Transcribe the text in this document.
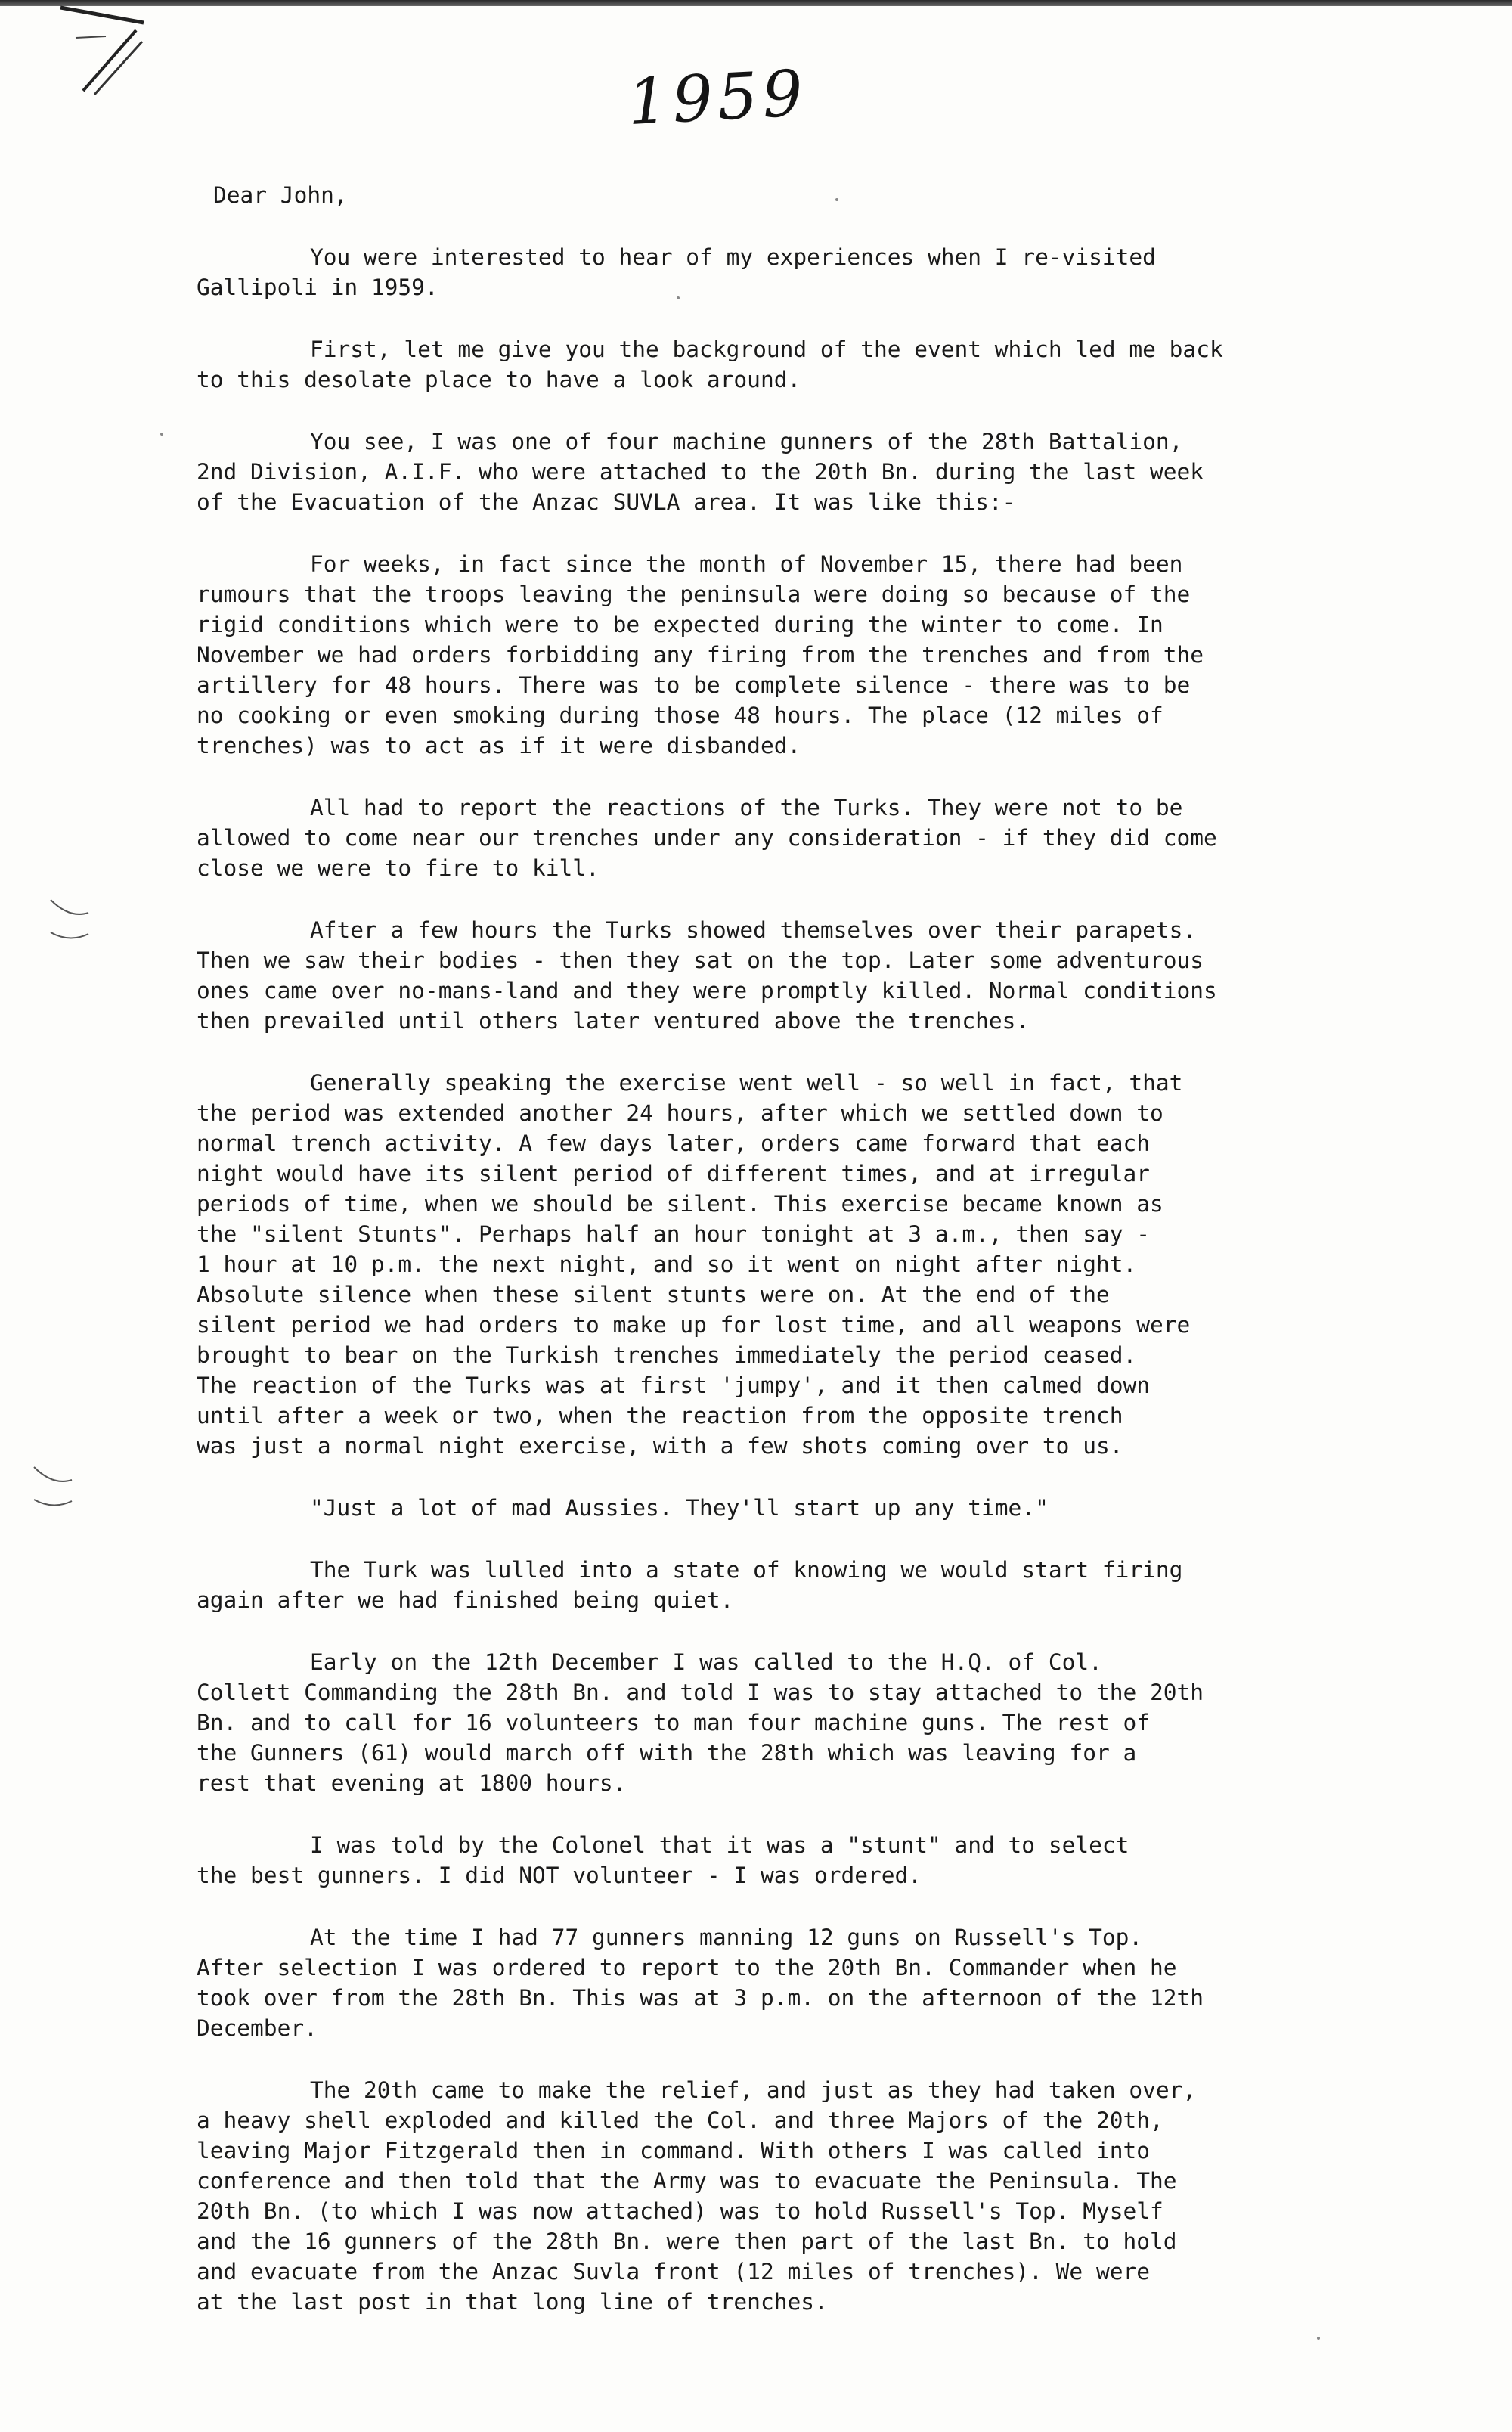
1959
Dear John,
You were interested to hear of my experiences when I re-visited
Gallipoli in 1959.
First, let me give you the background of the event which led me back
to this desolate place to have a look around.
You see, I was one of four machine gunners of the 28th Battalion,
2nd Division, A.I.F. who were attached to the 20th Bn. during the last week
of the Evacuation of the Anzac SUVLA area. It was like this:-
For weeks, in fact since the month of November 15, there had been
rumours that the troops leaving the peninsula were doing so because of the
rigid conditions which were to be expected during the winter to come. In
November we had orders forbidding any firing from the trenches and from the
artillery for 48 hours. There was to be complete silence - there was to be
no cooking or even smoking during those 48 hours. The place (12 miles of
trenches) was to act as if it were disbanded.
All had to report the reactions of the Turks. They were not to be
allowed to come near our trenches under any consideration - if they did come
close we were to fire to kill.
After a few hours the Turks showed themselves over their parapets.
Then we saw their bodies - then they sat on the top. Later some adventurous
ones came over no-mans-land and they were promptly killed. Normal conditions
then prevailed until others later ventured above the trenches.
Generally speaking the exercise went well - so well in fact, that
the period was extended another 24 hours, after which we settled down to
normal trench activity. A few days later, orders came forward that each
night would have its silent period of different times, and at irregular
periods of time, when we should be silent. This exercise became known as
the "silent Stunts". Perhaps half an hour tonight at 3 a.m., then say -
1 hour at 10 p.m. the next night, and so it went on night after night.
Absolute silence when these silent stunts were on. At the end of the
silent period we had orders to make up for lost time, and all weapons were
brought to bear on the Turkish trenches immediately the period ceased.
The reaction of the Turks was at first 'jumpy', and it then calmed down
until after a week or two, when the reaction from the opposite trench
was just a normal night exercise, with a few shots coming over to us.
"Just a lot of mad Aussies. They'll start up any time."
The Turk was lulled into a state of knowing we would start firing
again after we had finished being quiet.
Early on the 12th December I was called to the H.Q. of Col.
Collett Commanding the 28th Bn. and told I was to stay attached to the 20th
Bn. and to call for 16 volunteers to man four machine guns. The rest of
the Gunners (61) would march off with the 28th which was leaving for a
rest that evening at 1800 hours.
I was told by the Colonel that it was a "stunt" and to select
the best gunners. I did NOT volunteer - I was ordered.
At the time I had 77 gunners manning 12 guns on Russell's Top.
After selection I was ordered to report to the 20th Bn. Commander when he
took over from the 28th Bn. This was at 3 p.m. on the afternoon of the 12th
December.
The 20th came to make the relief, and just as they had taken over,
a heavy shell exploded and killed the Col. and three Majors of the 20th,
leaving Major Fitzgerald then in command. With others I was called into
conference and then told that the Army was to evacuate the Peninsula. The
20th Bn. (to which I was now attached) was to hold Russell's Top. Myself
and the 16 gunners of the 28th Bn. were then part of the last Bn. to hold
and evacuate from the Anzac Suvla front (12 miles of trenches). We were
at the last post in that long line of trenches.
